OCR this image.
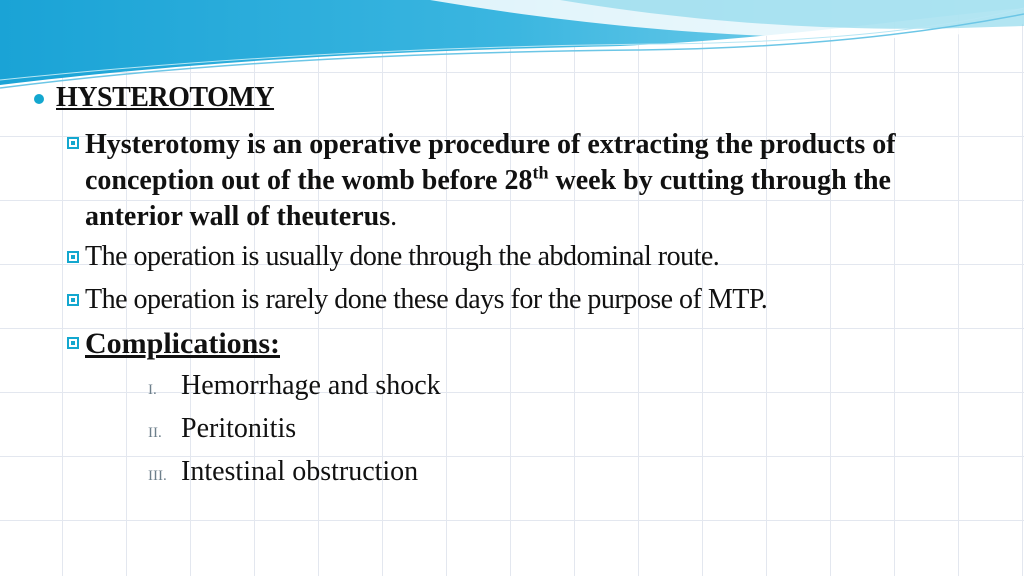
HYSTEROTOMY
Hysterotomy is an operative procedure of extracting the products of conception out of the womb before 28th week by cutting through the anterior wall of theuterus.
The operation is usually done through the abdominal route.
The operation is rarely done these days for the purpose of MTP.
Complications:
I. Hemorrhage and shock
II. Peritonitis
III. Intestinal obstruction
